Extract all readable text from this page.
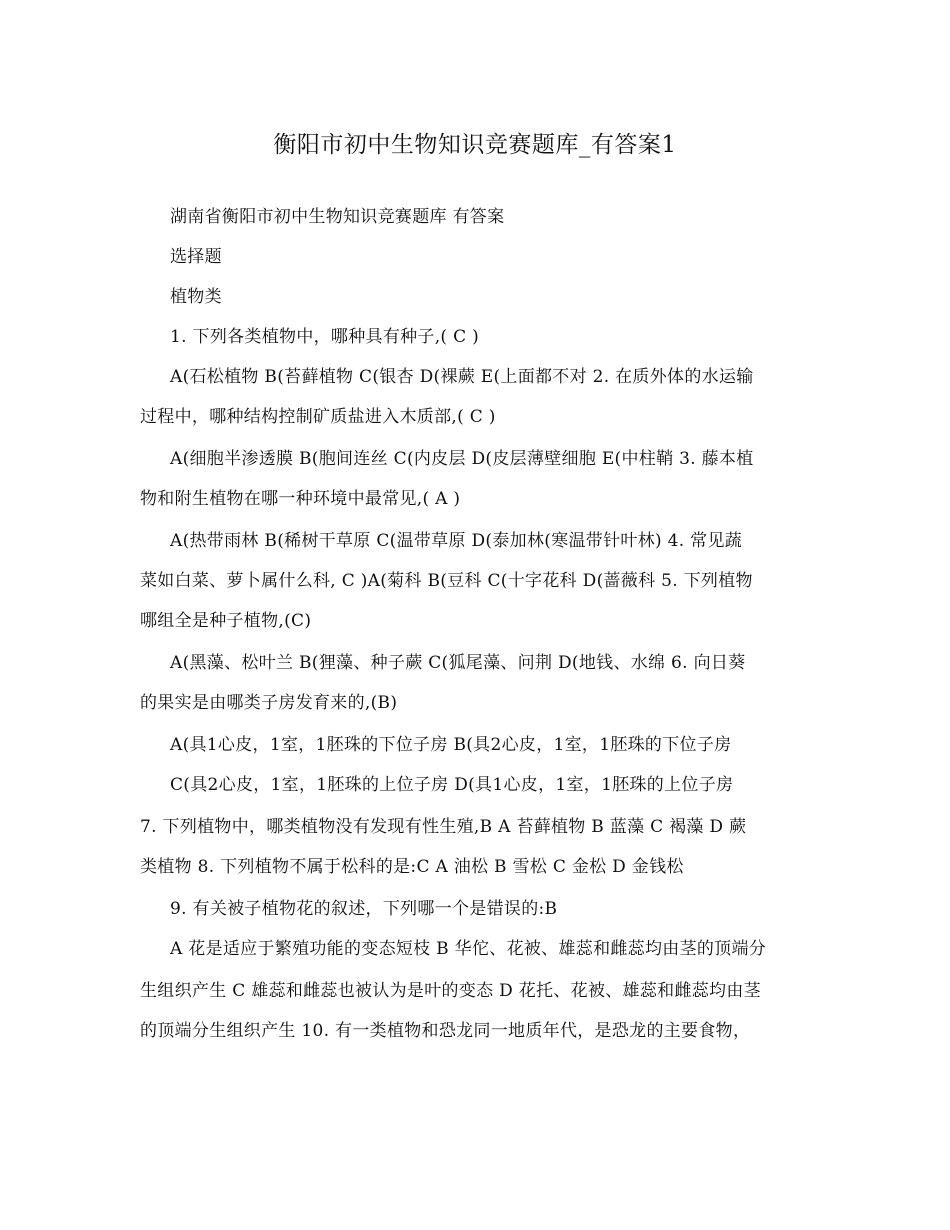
衡阳市初中生物知识竞赛题库_有答案1
湖南省衡阳市初中生物知识竞赛题库 有答案
选择题
植物类
1. 下列各类植物中，哪种具有种子,( C )
A(石松植物 B(苔藓植物 C(银杏 D(裸蕨 E(上面都不对 2. 在质外体的水运输
过程中，哪种结构控制矿质盐进入木质部,( C )
A(细胞半渗透膜 B(胞间连丝 C(内皮层 D(皮层薄壁细胞 E(中柱鞘 3. 藤本植
物和附生植物在哪一种环境中最常见,( A )
A(热带雨林 B(稀树干草原 C(温带草原 D(泰加林(寒温带针叶林) 4. 常见蔬
菜如白菜、萝卜属什么科, C )A(菊科 B(豆科 C(十字花科 D(蔷薇科 5. 下列植物
哪组全是种子植物,(C)
A(黑藻、松叶兰 B(狸藻、种子蕨 C(狐尾藻、问荆 D(地钱、水绵 6. 向日葵
的果实是由哪类子房发育来的,(B)
A(具1心皮，1室，1胚珠的下位子房 B(具2心皮，1室，1胚珠的下位子房
C(具2心皮，1室，1胚珠的上位子房 D(具1心皮，1室，1胚珠的上位子房
7. 下列植物中，哪类植物没有发现有性生殖,B A 苔藓植物 B 蓝藻 C 褐藻 D 蕨
类植物 8. 下列植物不属于松科的是:C A 油松 B 雪松 C 金松 D 金钱松
9. 有关被子植物花的叙述，下列哪一个是错误的:B
A 花是适应于繁殖功能的变态短枝 B 华佗、花被、雄蕊和雌蕊均由茎的顶端分
生组织产生 C 雄蕊和雌蕊也被认为是叶的变态 D 花托、花被、雄蕊和雌蕊均由茎
的顶端分生组织产生 10. 有一类植物和恐龙同一地质年代，是恐龙的主要食物，
